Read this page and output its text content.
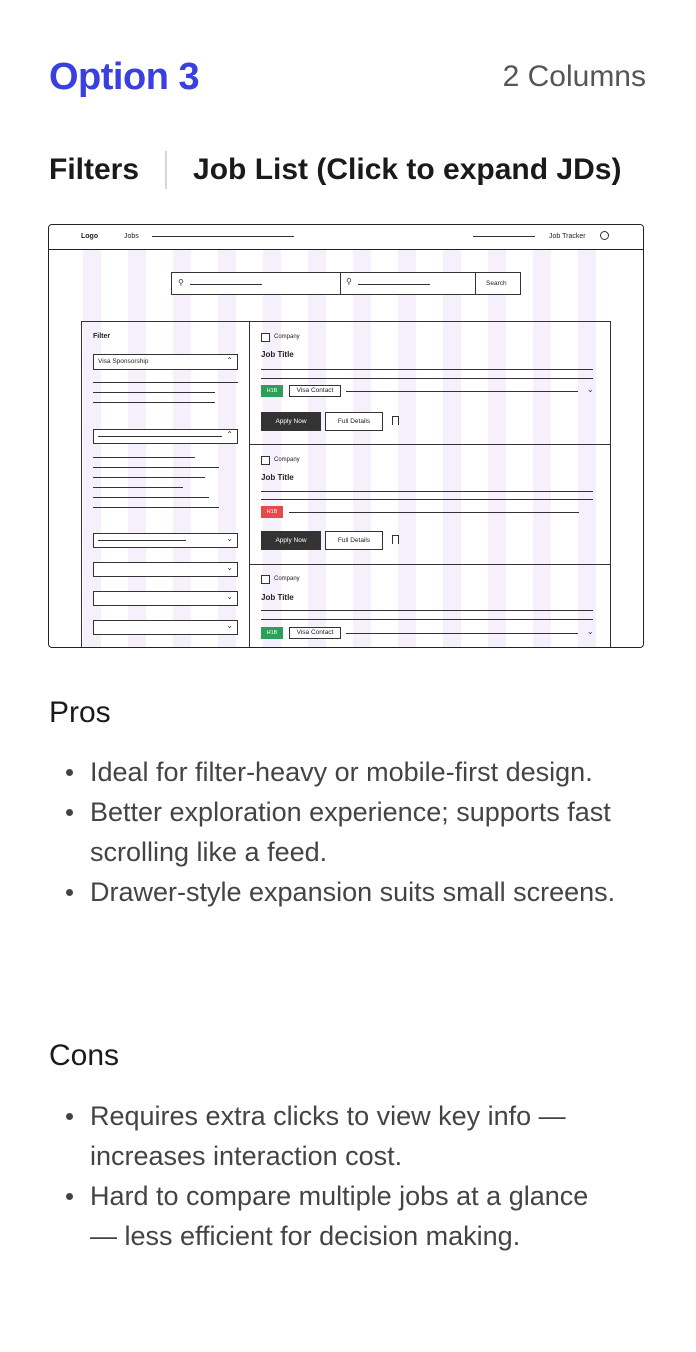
Option 3	2 Columns
Filters Job List (Click to expand JDs)
Logo	Jobs	Job Tracker
⚲	⚲	Search
Filter
Visa Sponsorship	⌃
⌃
⌄
⌄
⌄
⌄
Company
Job Title
H1B	Visa Contact	⌄
Apply Now	Full Details
Company
Job Title
H1B
Apply Now	Full Details
Company
Job Title
H1B	Visa Contact	⌄
Pros
Ideal for filter-heavy or mobile-first design.
Better exploration experience; supports fast scrolling like a feed.
Drawer-style expansion suits small screens.
Cons
Requires extra clicks to view key info — increases interaction cost.
Hard to compare multiple jobs at a glance — less efficient for decision making.
